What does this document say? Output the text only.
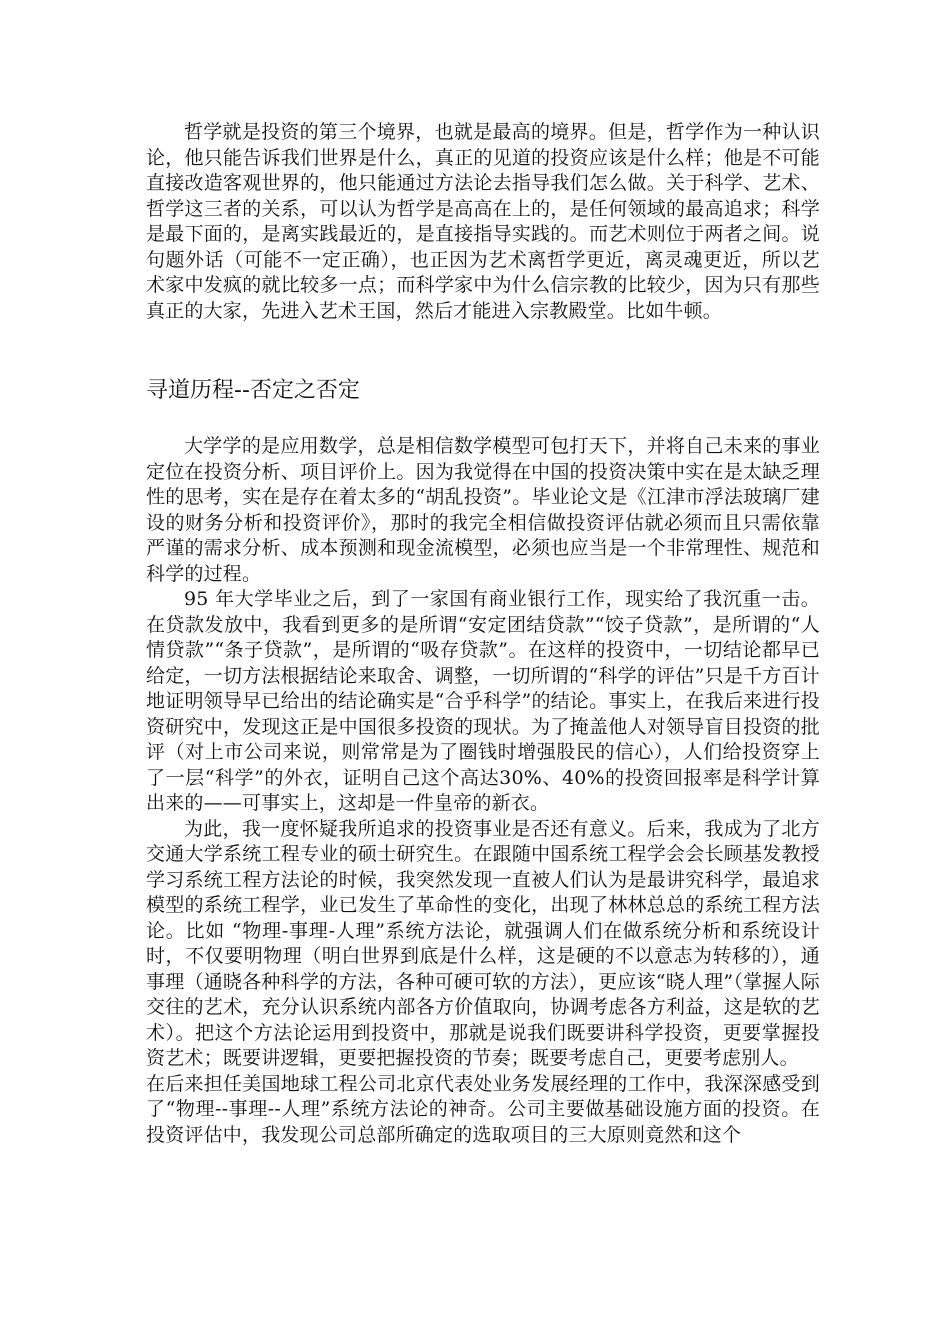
哲学就是投资的第三个境界，也就是最高的境界。但是，哲学作为一种认识论，他只能告诉我们世界是什么，真正的见道的投资应该是什么样；他是不可能直接改造客观世界的，他只能通过方法论去指导我们怎么做。关于科学、艺术、哲学这三者的关系，可以认为哲学是高高在上的，是任何领域的最高追求；科学是最下面的，是离实践最近的，是直接指导实践的。而艺术则位于两者之间。说句题外话（可能不一定正确），也正因为艺术离哲学更近，离灵魂更近，所以艺术家中发疯的就比较多一点；而科学家中为什么信宗教的比较少，因为只有那些真正的大家，先进入艺术王国，然后才能进入宗教殿堂。比如牛顿。

寻道历程--否定之否定

大学学的是应用数学，总是相信数学模型可包打天下，并将自己未来的事业定位在投资分析、项目评价上。因为我觉得在中国的投资决策中实在是太缺乏理性的思考，实在是存在着太多的“胡乱投资”。毕业论文是《江津市浮法玻璃厂建设的财务分析和投资评价》，那时的我完全相信做投资评估就必须而且只需依靠严谨的需求分析、成本预测和现金流模型，必须也应当是一个非常理性、规范和科学的过程。

95 年大学毕业之后，到了一家国有商业银行工作，现实给了我沉重一击。在贷款发放中，我看到更多的是所谓“安定团结贷款”“饺子贷款”，是所谓的“人情贷款”“条子贷款”，是所谓的“吸存贷款”。在这样的投资中，一切结论都早已给定，一切方法根据结论来取舍、调整，一切所谓的“科学的评估”只是千方百计地证明领导早已给出的结论确实是“合乎科学”的结论。事实上，在我后来进行投资研究中，发现这正是中国很多投资的现状。为了掩盖他人对领导盲目投资的批评（对上市公司来说，则常常是为了圈钱时增强股民的信心），人们给投资穿上了一层“科学”的外衣，证明自己这个高达30%、40%的投资回报率是科学计算出来的——可事实上，这却是一件皇帝的新衣。

为此，我一度怀疑我所追求的投资事业是否还有意义。后来，我成为了北方交通大学系统工程专业的硕士研究生。在跟随中国系统工程学会会长顾基发教授学习系统工程方法论的时候，我突然发现一直被人们认为是最讲究科学，最追求模型的系统工程学，业已发生了革命性的变化，出现了林林总总的系统工程方法论。比如 “物理-事理-人理”系统方法论，就强调人们在做系统分析和系统设计时，不仅要明物理（明白世界到底是什么样，这是硬的不以意志为转移的），通事理（通晓各种科学的方法，各种可硬可软的方法），更应该“晓人理”（掌握人际交往的艺术，充分认识系统内部各方价值取向，协调考虑各方利益，这是软的艺术）。把这个方法论运用到投资中，那就是说我们既要讲科学投资，更要掌握投资艺术；既要讲逻辑，更要把握投资的节奏；既要考虑自己，更要考虑别人。

在后来担任美国地球工程公司北京代表处业务发展经理的工作中，我深深感受到了“物理--事理--人理”系统方法论的神奇。公司主要做基础设施方面的投资。在投资评估中，我发现公司总部所确定的选取项目的三大原则竟然和这个
